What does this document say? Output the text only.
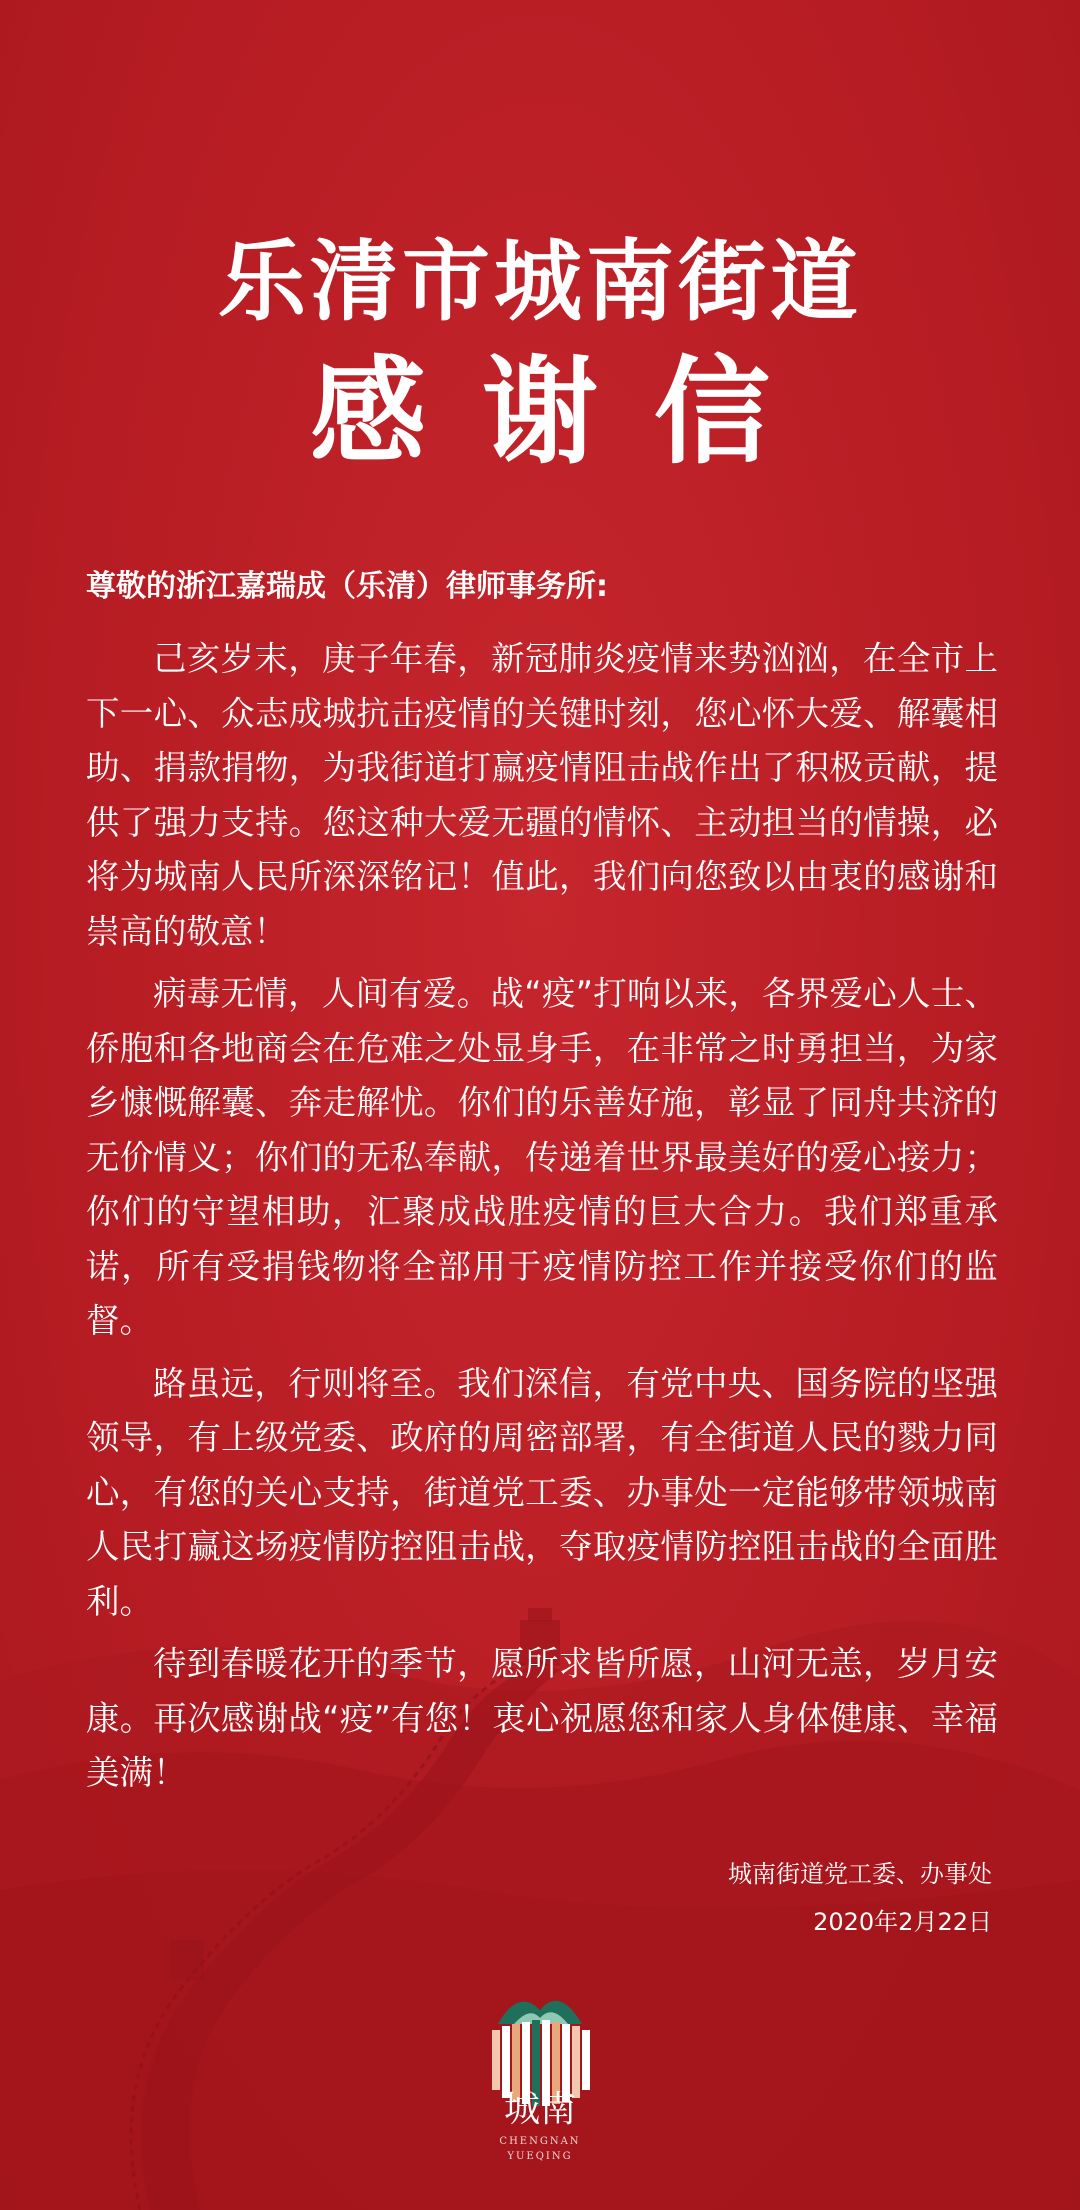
乐清市城南街道
感谢信
尊敬的浙江嘉瑞成（乐清）律师事务所:

己亥岁末，庚子年春，新冠肺炎疫情来势汹汹，在全市上下一心、众志成城抗击疫情的关键时刻，您心怀大爱、解囊相助、捐款捐物，为我街道打赢疫情阻击战作出了积极贡献，提供了强力支持。您这种大爱无疆的情怀、主动担当的情操，必将为城南人民所深深铭记！值此，我们向您致以由衷的感谢和崇高的敬意！

病毒无情，人间有爱。战“疫”打响以来，各界爱心人士、侨胞和各地商会在危难之处显身手，在非常之时勇担当，为家乡慷慨解囊、奔走解忧。你们的乐善好施，彰显了同舟共济的无价情义；你们的无私奉献，传递着世界最美好的爱心接力；你们的守望相助，汇聚成战胜疫情的巨大合力。我们郑重承诺，所有受捐钱物将全部用于疫情防控工作并接受你们的监督。

路虽远，行则将至。我们深信，有党中央、国务院的坚强领导，有上级党委、政府的周密部署，有全街道人民的戮力同心，有您的关心支持，街道党工委、办事处一定能够带领城南人民打赢这场疫情防控阻击战，夺取疫情防控阻击战的全面胜利。

待到春暖花开的季节，愿所求皆所愿，山河无恙，岁月安康。再次感谢战“疫”有您！衷心祝愿您和家人身体健康、幸福美满！

城南街道党工委、办事处
2020年2月22日
城南
CHENGNAN
YUEQING
